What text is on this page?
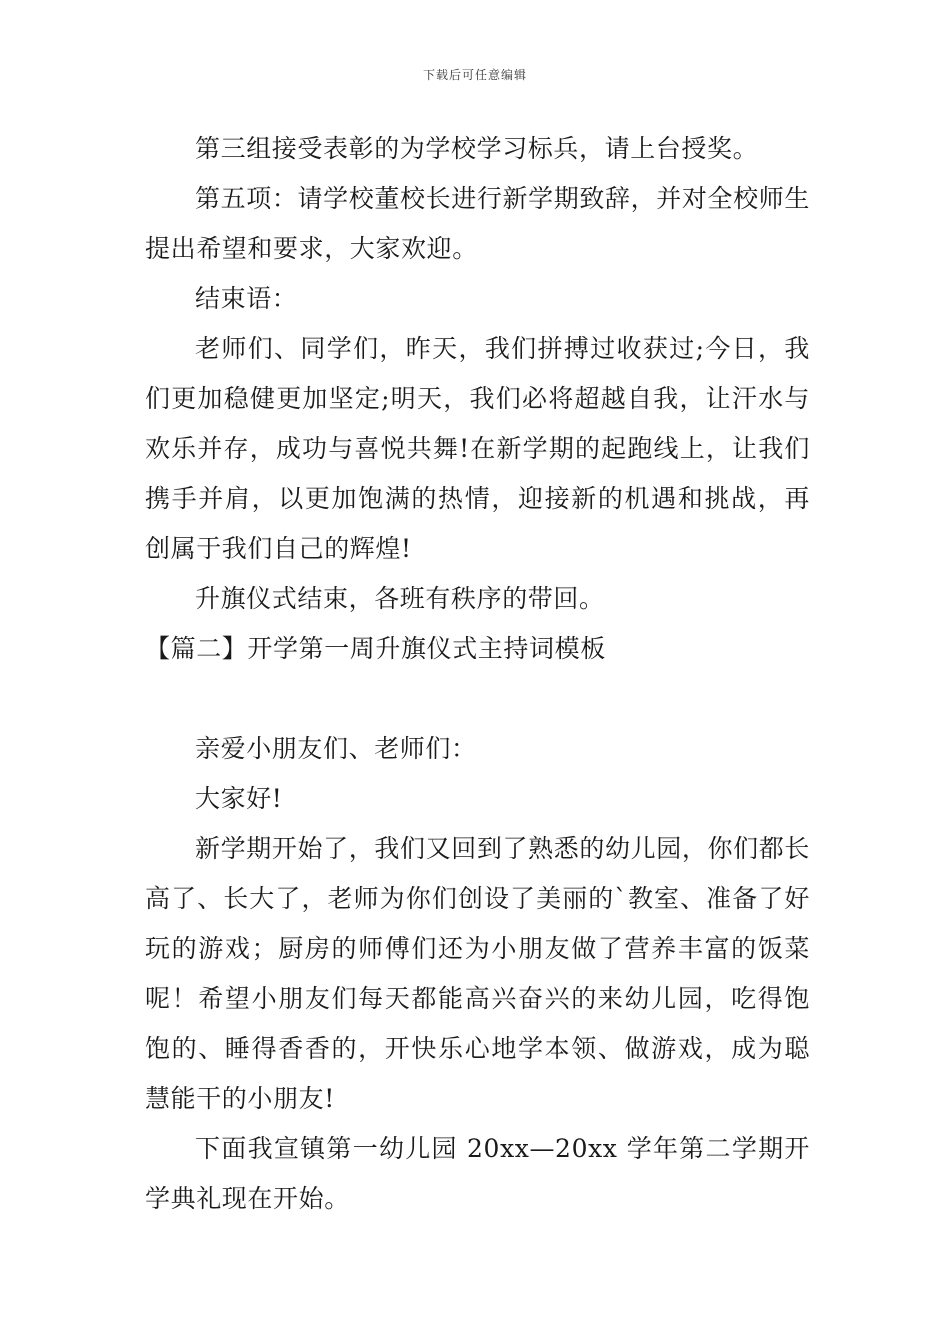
下载后可任意编辑

第三组接受表彰的为学校学习标兵，请上台授奖。

第五项：请学校董校长进行新学期致辞，并对全校师生提出希望和要求，大家欢迎。

结束语：

老师们、同学们，昨天，我们拼搏过收获过;今日，我们更加稳健更加坚定;明天，我们必将超越自我，让汗水与欢乐并存，成功与喜悦共舞!在新学期的起跑线上，让我们携手并肩，以更加饱满的热情，迎接新的机遇和挑战，再创属于我们自己的辉煌!

升旗仪式结束，各班有秩序的带回。

【篇二】开学第一周升旗仪式主持词模板

亲爱小朋友们、老师们：

大家好!

新学期开始了，我们又回到了熟悉的幼儿园，你们都长高了、长大了，老师为你们创设了美丽的`教室、准备了好玩的游戏；厨房的师傅们还为小朋友做了营养丰富的饭菜呢！希望小朋友们每天都能高兴奋兴的来幼儿园，吃得饱饱的、睡得香香的，开快乐心地学本领、做游戏，成为聪慧能干的小朋友!

下面我宣镇第一幼儿园 20xx—20xx 学年第二学期开学典礼现在开始。
